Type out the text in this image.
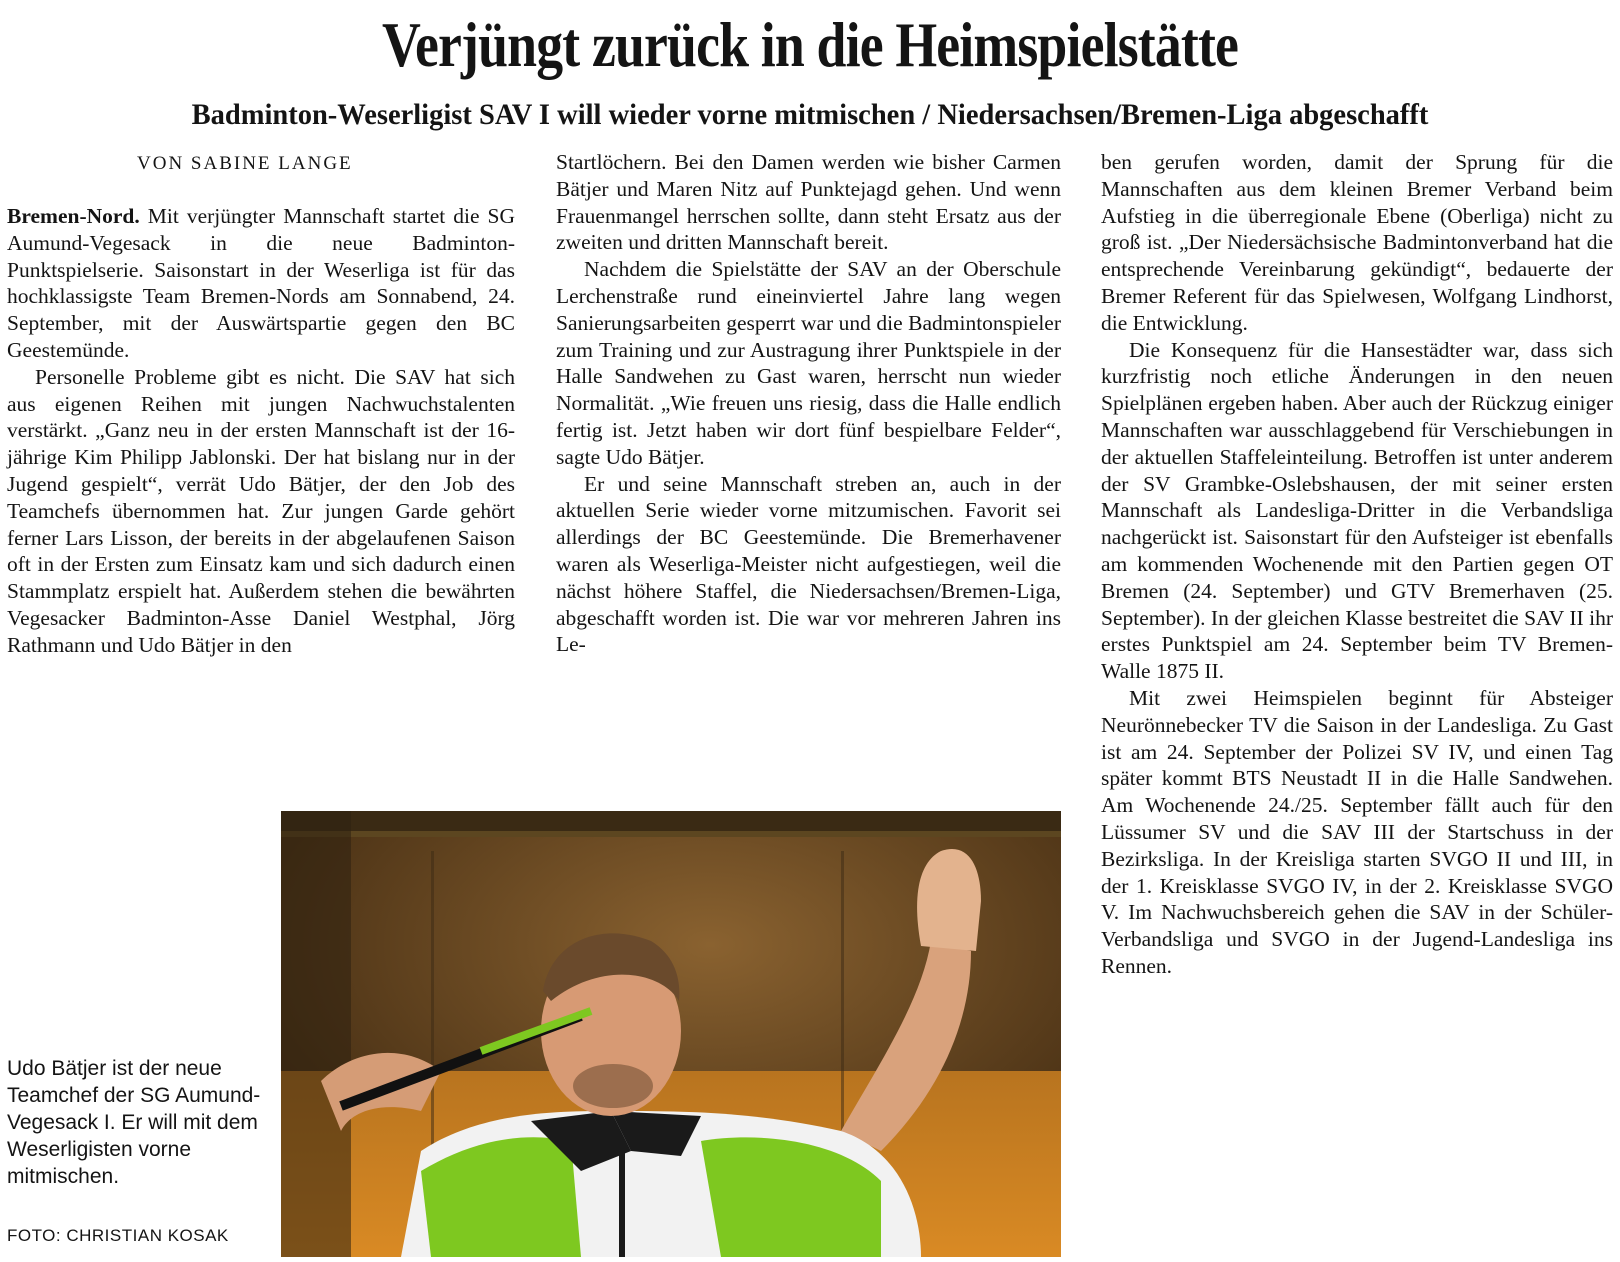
Verjüngt zurück in die Heimspielstätte
Badminton-Weserligist SAV I will wieder vorne mitmischen / Niedersachsen/Bremen-Liga abgeschafft
VON SABINE LANGE

Bremen-Nord. Mit verjüngter Mannschaft startet die SG Aumund-Vegesack in die neue Badminton-Punktspielserie. Saisonstart in der Weserliga ist für das hochklassigste Team Bremen-Nords am Sonnabend, 24. September, mit der Auswärtspartie gegen den BC Geestemünde.

Personelle Probleme gibt es nicht. Die SAV hat sich aus eigenen Reihen mit jungen Nachwuchstalenten verstärkt. „Ganz neu in der ersten Mannschaft ist der 16-jährige Kim Philipp Jablonski. Der hat bislang nur in der Jugend gespielt“, verrät Udo Bätjer, der den Job des Teamchefs übernommen hat. Zur jungen Garde gehört ferner Lars Lisson, der bereits in der abgelaufenen Saison oft in der Ersten zum Einsatz kam und sich dadurch einen Stammplatz erspielt hat. Außerdem stehen die bewährten Vegesacker Badminton-Asse Daniel Westphal, Jörg Rathmann und Udo Bätjer in den

Startlöchern. Bei den Damen werden wie bisher Carmen Bätjer und Maren Nitz auf Punktejagd gehen. Und wenn Frauenmangel herrschen sollte, dann steht Ersatz aus der zweiten und dritten Mannschaft bereit.

Nachdem die Spielstätte der SAV an der Oberschule Lerchenstraße rund eineinviertel Jahre lang wegen Sanierungsarbeiten gesperrt war und die Badmintonspieler zum Training und zur Austragung ihrer Punktspiele in der Halle Sandwehen zu Gast waren, herrscht nun wieder Normalität. „Wie freuen uns riesig, dass die Halle endlich fertig ist. Jetzt haben wir dort fünf bespielbare Felder“, sagte Udo Bätjer.

Er und seine Mannschaft streben an, auch in der aktuellen Serie wieder vorne mitzumischen. Favorit sei allerdings der BC Geestemünde. Die Bremerhavener waren als Weserliga-Meister nicht aufgestiegen, weil die nächst höhere Staffel, die Niedersachsen/Bremen-Liga, abgeschafft worden ist. Die war vor mehreren Jahren ins Le-

ben gerufen worden, damit der Sprung für die Mannschaften aus dem kleinen Bremer Verband beim Aufstieg in die überregionale Ebene (Oberliga) nicht zu groß ist. „Der Niedersächsische Badmintonverband hat die entsprechende Vereinbarung gekündigt“, bedauerte der Bremer Referent für das Spielwesen, Wolfgang Lindhorst, die Entwicklung.

Die Konsequenz für die Hansestädter war, dass sich kurzfristig noch etliche Änderungen in den neuen Spielplänen ergeben haben. Aber auch der Rückzug einiger Mannschaften war ausschlaggebend für Verschiebungen in der aktuellen Staffeleinteilung. Betroffen ist unter anderem der SV Grambke-Oslebshausen, der mit seiner ersten Mannschaft als Landesliga-Dritter in die Verbandsliga nachgerückt ist. Saisonstart für den Aufsteiger ist ebenfalls am kommenden Wochenende mit den Partien gegen OT Bremen (24. September) und GTV Bremerhaven (25. September). In der gleichen Klasse bestreitet die SAV II ihr erstes Punktspiel am 24. September beim TV Bremen-Walle 1875 II.

Mit zwei Heimspielen beginnt für Absteiger Neurönnebecker TV die Saison in der Landesliga. Zu Gast ist am 24. September der Polizei SV IV, und einen Tag später kommt BTS Neustadt II in die Halle Sandwehen. Am Wochenende 24./25. September fällt auch für den Lüssumer SV und die SAV III der Startschuss in der Bezirksliga. In der Kreisliga starten SVGO II und III, in der 1. Kreisklasse SVGO IV, in der 2. Kreisklasse SVGO V. Im Nachwuchsbereich gehen die SAV in der Schüler-Verbandsliga und SVGO in der Jugend-Landesliga ins Rennen.

Udo Bätjer ist der neue Teamchef der SG Aumund-Vegesack I. Er will mit dem Weserligisten vorne mitmischen.
FOTO: CHRISTIAN KOSAK
